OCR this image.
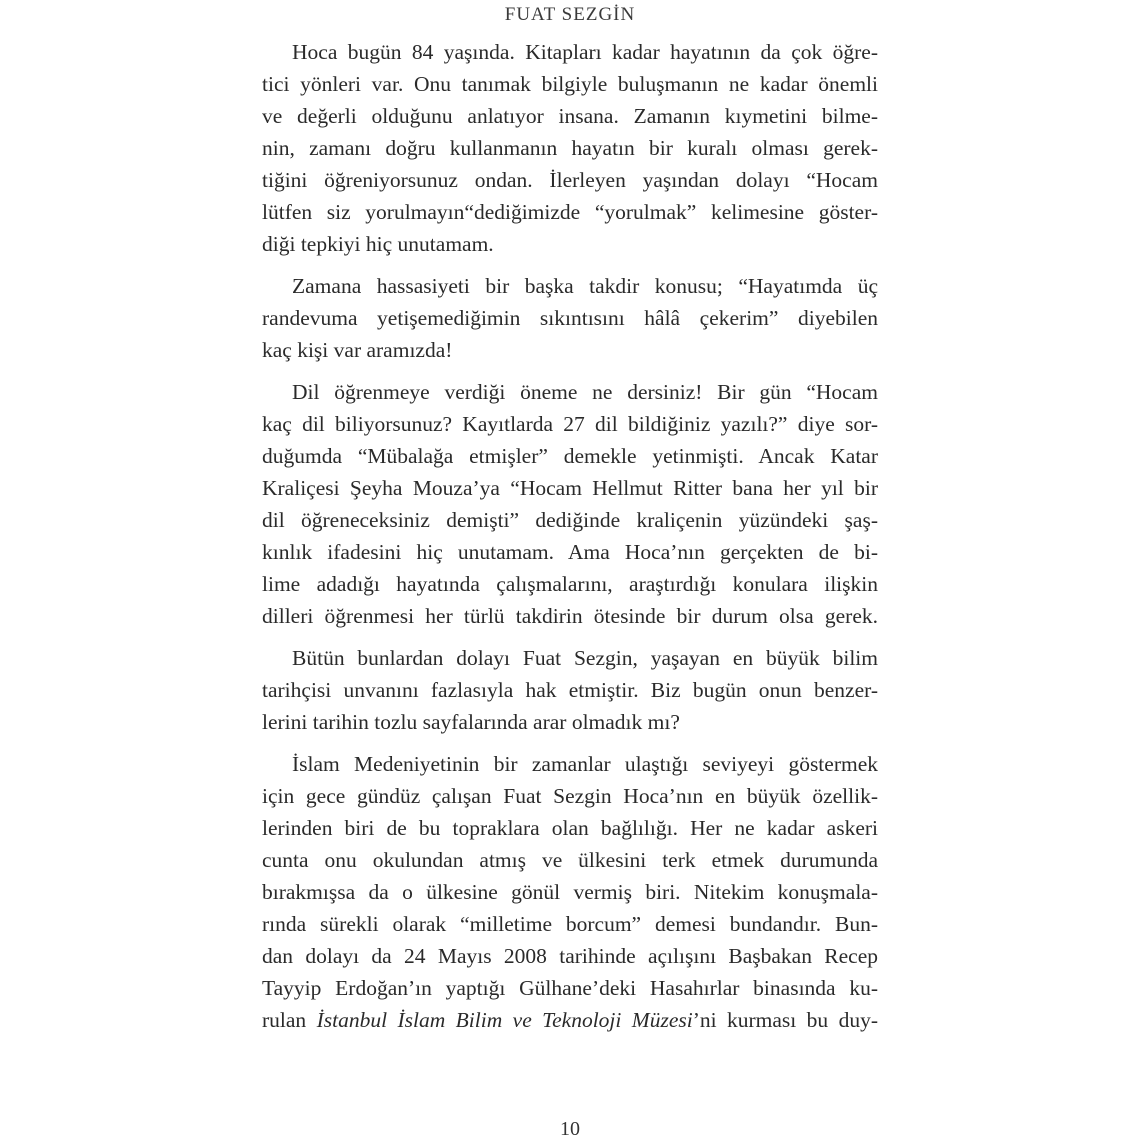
FUAT SEZGİN
Hoca bugün 84 yaşında. Kitapları kadar hayatının da çok öğre-
tici yönleri var. Onu tanımak bilgiyle buluşmanın ne kadar önemli
ve değerli olduğunu anlatıyor insana. Zamanın kıymetini bilme-
nin, zamanı doğru kullanmanın hayatın bir kuralı olması gerek-
tiğini öğreniyorsunuz ondan. İlerleyen yaşından dolayı “Hocam
lütfen siz yorulmayın“dediğimizde “yorulmak” kelimesine göster-
diği tepkiyi hiç unutamam.
Zamana hassasiyeti bir başka takdir konusu; “Hayatımda üç
randevuma yetişemediğimin sıkıntısını hâlâ çekerim” diyebilen
kaç kişi var aramızda!
Dil öğrenmeye verdiği öneme ne dersiniz! Bir gün “Hocam
kaç dil biliyorsunuz? Kayıtlarda 27 dil bildiğiniz yazılı?” diye sor-
duğumda “Mübalağa etmişler” demekle yetinmişti. Ancak Katar
Kraliçesi Şeyha Mouza’ya “Hocam Hellmut Ritter bana her yıl bir
dil öğreneceksiniz demişti” dediğinde kraliçenin yüzündeki şaş-
kınlık ifadesini hiç unutamam. Ama Hoca’nın gerçekten de bi-
lime adadığı hayatında çalışmalarını, araştırdığı konulara ilişkin
dilleri öğrenmesi her türlü takdirin ötesinde bir durum olsa gerek.
Bütün bunlardan dolayı Fuat Sezgin, yaşayan en büyük bilim
tarihçisi unvanını fazlasıyla hak etmiştir. Biz bugün onun benzer-
lerini tarihin tozlu sayfalarında arar olmadık mı?
İslam Medeniyetinin bir zamanlar ulaştığı seviyeyi göstermek
için gece gündüz çalışan Fuat Sezgin Hoca’nın en büyük özellik-
lerinden biri de bu topraklara olan bağlılığı. Her ne kadar askeri
cunta onu okulundan atmış ve ülkesini terk etmek durumunda
bırakmışsa da o ülkesine gönül vermiş biri. Nitekim konuşmala-
rında sürekli olarak “milletime borcum” demesi bundandır. Bun-
dan dolayı da 24 Mayıs 2008 tarihinde açılışını Başbakan Recep
Tayyip Erdoğan’ın yaptığı Gülhane’deki Hasahırlar binasında ku-
rulan İstanbul İslam Bilim ve Teknoloji Müzesi’ni kurması bu duy-
10
